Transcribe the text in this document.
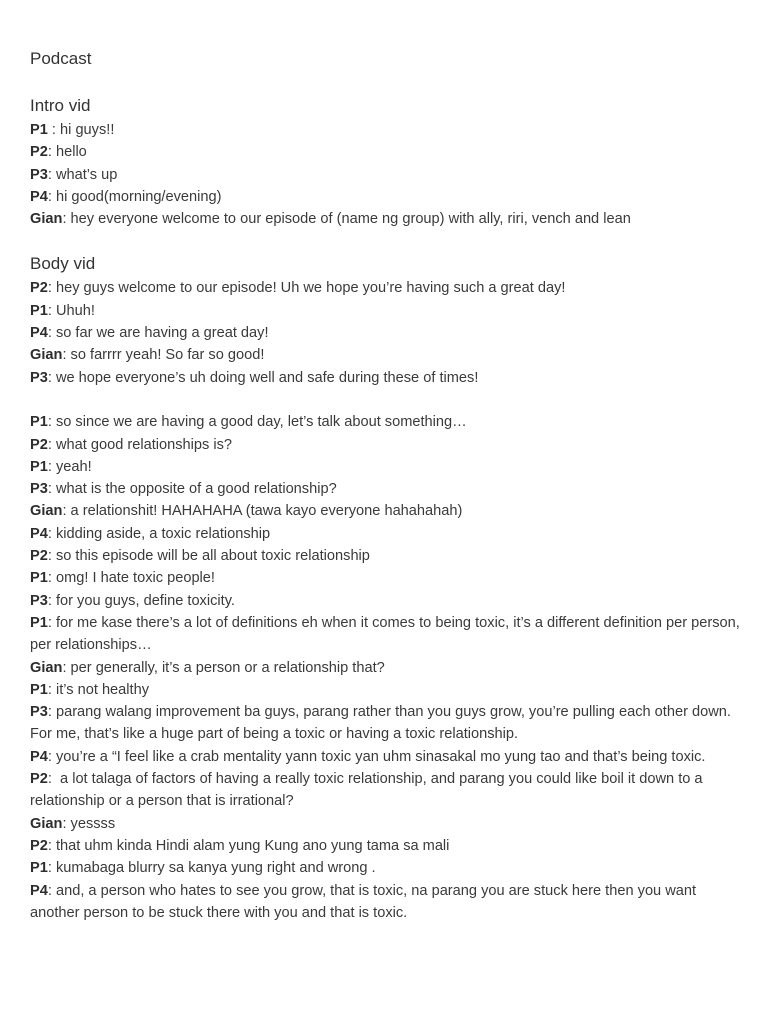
Podcast
Intro vid
P1 : hi guys!!
P2: hello
P3: what’s up
P4: hi good(morning/evening)
Gian: hey everyone welcome to our episode of (name ng group) with ally, riri, vench and lean
Body vid
P2: hey guys welcome to our episode! Uh we hope you’re having such a great day!
P1: Uhuh!
P4: so far we are having a great day!
Gian: so farrrr yeah! So far so good!
P3: we hope everyone’s uh doing well and safe during these of times!
P1: so since we are having a good day, let’s talk about something…
P2: what good relationships is?
P1: yeah!
P3: what is the opposite of a good relationship?
Gian: a relationshit! HAHAHAHA (tawa kayo everyone hahahahah)
P4: kidding aside, a toxic relationship
P2: so this episode will be all about toxic relationship
P1: omg! I hate toxic people!
P3: for you guys, define toxicity.
P1: for me kase there’s a lot of definitions eh when it comes to being toxic, it’s a different definition per person, per relationships…
Gian: per generally, it’s a person or a relationship that?
P1: it’s not healthy
P3: parang walang improvement ba guys, parang rather than you guys grow, you’re pulling each other down. For me, that’s like a huge part of being a toxic or having a toxic relationship.
P4: you’re a “I feel like a crab mentality yann toxic yan uhm sinasakal mo yung tao and that’s being toxic.
P2:  a lot talaga of factors of having a really toxic relationship, and parang you could like boil it down to a relationship or a person that is irrational?
Gian: yessss
P2: that uhm kinda Hindi alam yung Kung ano yung tama sa mali
P1: kumabaga blurry sa kanya yung right and wrong .
P4: and, a person who hates to see you grow, that is toxic, na parang you are stuck here then you want another person to be stuck there with you and that is toxic.
